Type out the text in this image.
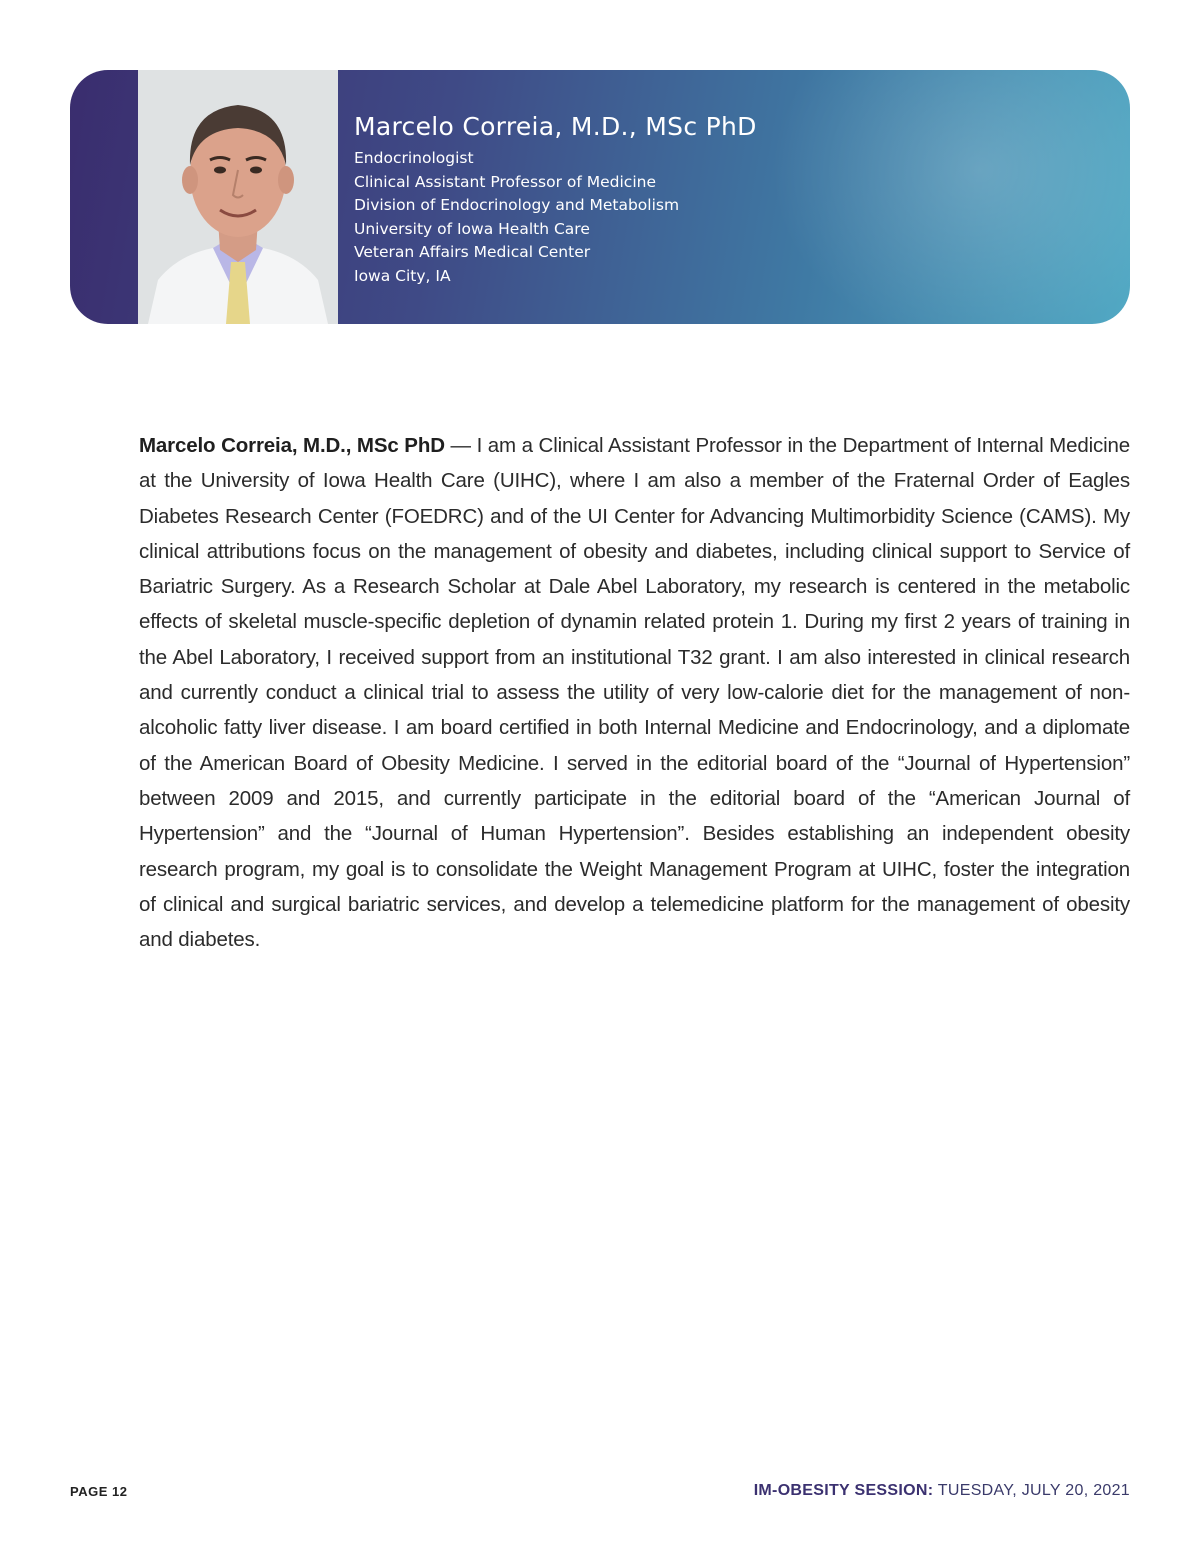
Marcelo Correia, M.D., MSc PhD
Endocrinologist
Clinical Assistant Professor of Medicine
Division of Endocrinology and Metabolism
University of Iowa Health Care
Veteran Affairs Medical Center
Iowa City, IA
Marcelo Correia, M.D., MSc PhD — I am a Clinical Assistant Professor in the Department of Internal Medicine at the University of Iowa Health Care (UIHC), where I am also a member of the Fraternal Order of Eagles Diabetes Research Center (FOEDRC) and of the UI Center for Advancing Multimorbidity Science (CAMS). My clinical attributions focus on the management of obesity and diabetes, including clinical support to Service of Bariatric Surgery. As a Research Scholar at Dale Abel Laboratory, my research is centered in the metabolic effects of skeletal muscle-specific depletion of dynamin related protein 1. During my first 2 years of training in the Abel Laboratory, I received support from an institutional T32 grant. I am also interested in clinical research and currently conduct a clinical trial to assess the utility of very low-calorie diet for the management of non-alcoholic fatty liver disease. I am board certified in both Internal Medicine and Endocrinology, and a diplomate of the American Board of Obesity Medicine. I served in the editorial board of the “Journal of Hypertension” between 2009 and 2015, and currently participate in the editorial board of the “American Journal of Hypertension” and the “Journal of Human Hypertension”. Besides establishing an independent obesity research program, my goal is to consolidate the Weight Management Program at UIHC, foster the integration of clinical and surgical bariatric services, and develop a telemedicine platform for the management of obesity and diabetes.
PAGE 12	IM-OBESITY SESSION: TUESDAY, JULY 20, 2021
